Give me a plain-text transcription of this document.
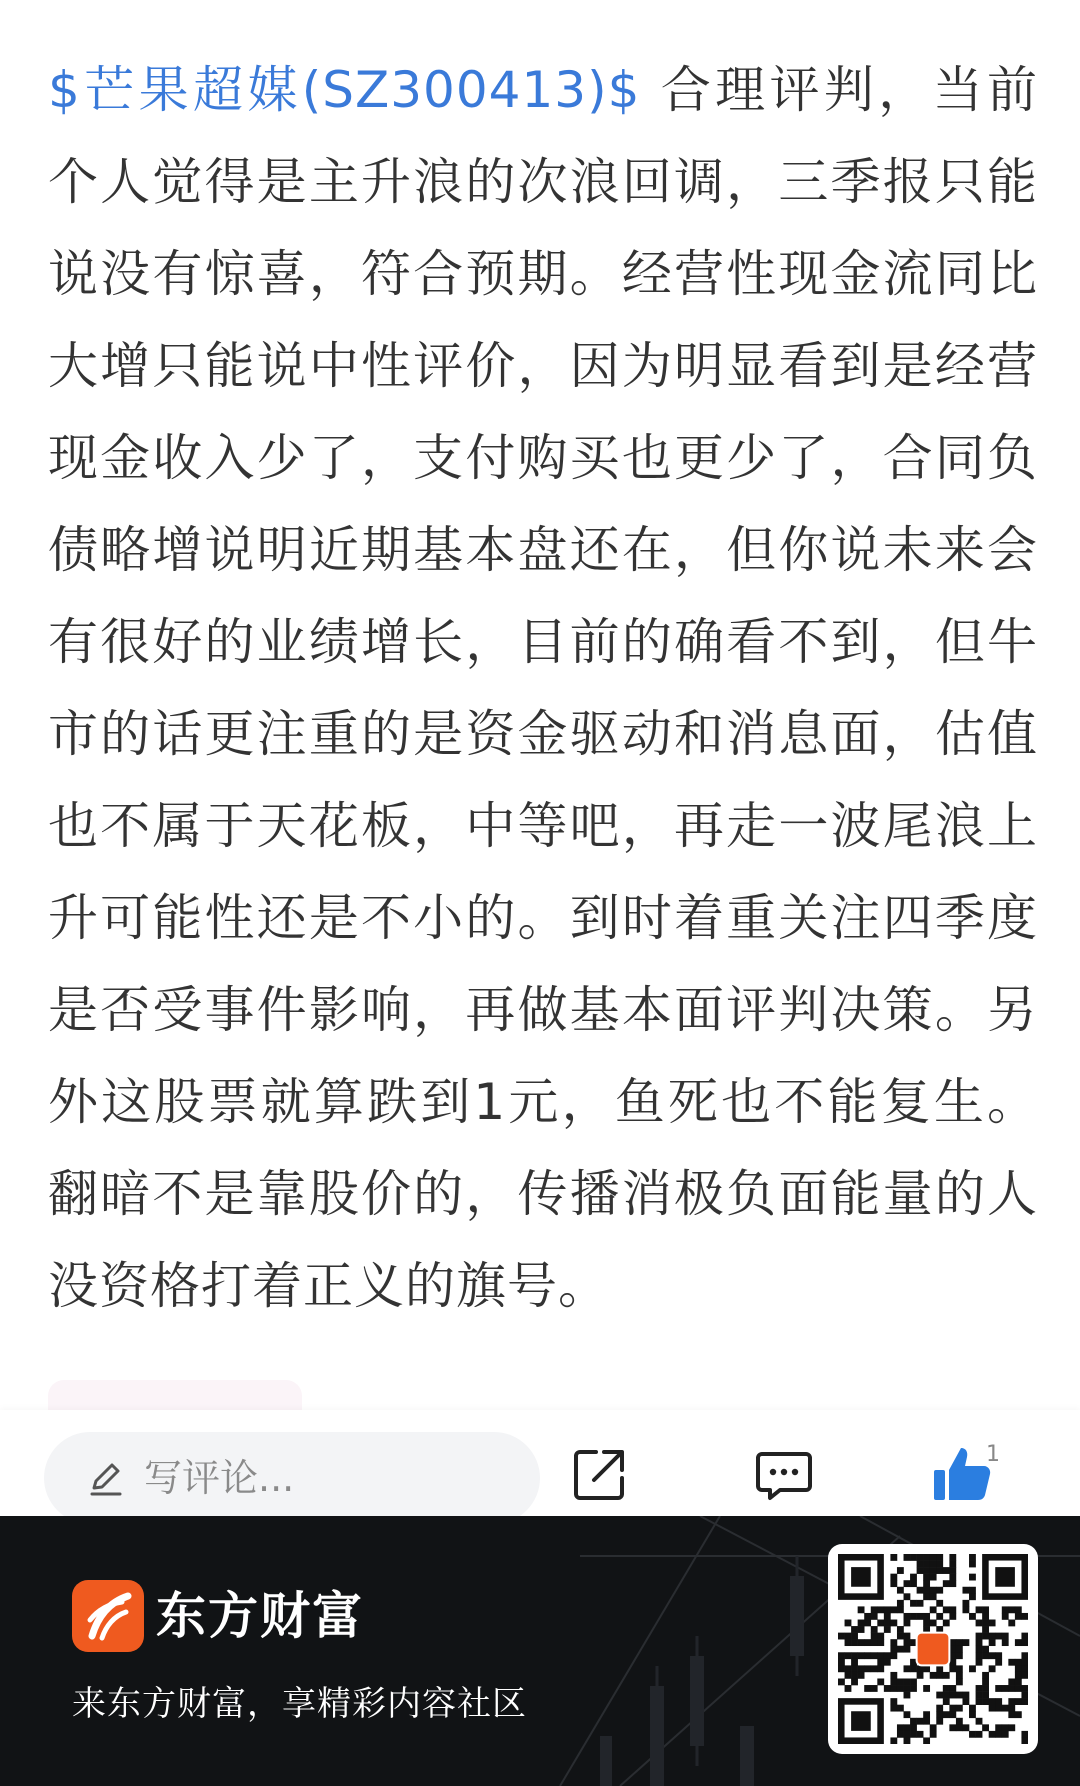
$芒果超媒(SZ300413)$ 合理评判，当前个人觉得是主升浪的次浪回调，三季报只能说没有惊喜，符合预期。经营性现金流同比大增只能说中性评价，因为明显看到是经营现金收入少了，支付购买也更少了，合同负债略增说明近期基本盘还在，但你说未来会有很好的业绩增长，目前的确看不到，但牛市的话更注重的是资金驱动和消息面，估值也不属于天花板，中等吧，再走一波尾浪上升可能性还是不小的。到时着重关注四季度是否受事件影响，再做基本面评判决策。另外这股票就算跌到1元，鱼死也不能复生。翻暗不是靠股价的，传播消极负面能量的人没资格打着正义的旗号。
写评论...
1
东方财富
来东方财富，享精彩内容社区
